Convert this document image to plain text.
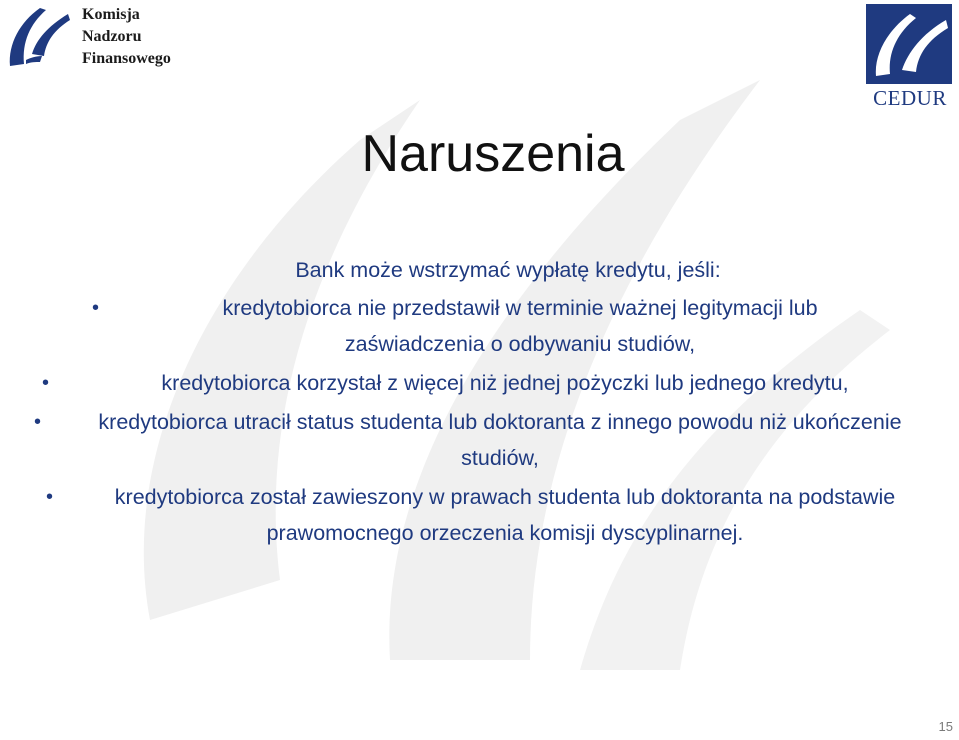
Komisja
Nadzoru
Finansowego
CEDUR
Naruszenia

Bank może wstrzymać wypłatę kredytu, jeśli:

•	kredytobiorca nie przedstawił w terminie ważnej legitymacji lub zaświadczenia o odbywaniu studiów,
•	kredytobiorca korzystał z więcej niż jednej pożyczki lub jednego kredytu,
•	kredytobiorca utracił status studenta lub doktoranta z innego powodu niż ukończenie studiów,
•	kredytobiorca został zawieszony w prawach studenta lub doktoranta na podstawie prawomocnego orzeczenia komisji dyscyplinarnej.
15
